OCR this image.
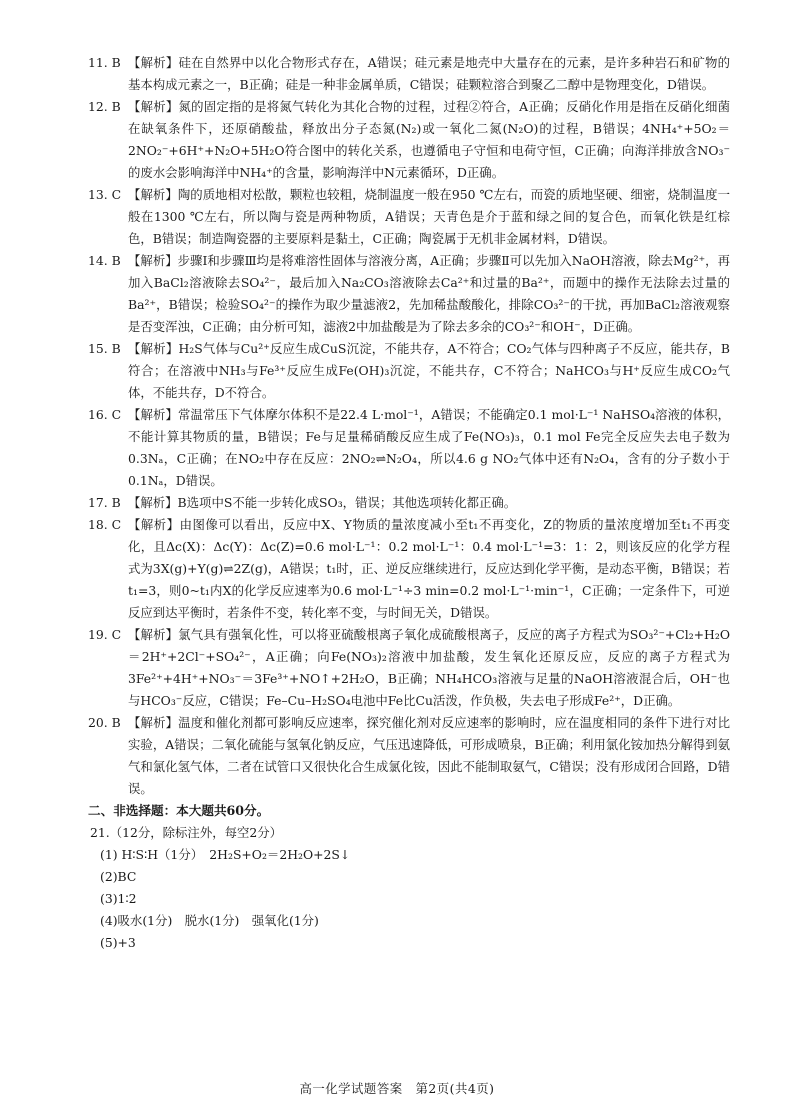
11. B 【解析】硅在自然界中以化合物形式存在，A错误；硅元素是地壳中大量存在的元素，是许多种岩石和矿物的基本构成元素之一，B正确；硅是一种非金属单质，C错误；硅颗粒溶合到聚乙二醇中是物理变化，D错误。

12. B 【解析】氮的固定指的是将氮气转化为其化合物的过程，过程②符合，A正确；反硝化作用是指在反硝化细菌在缺氧条件下，还原硝酸盐，释放出分子态氮(N₂)或一氧化二氮(N₂O)的过程，B错误；4NH₄⁺+5O₂＝2NO₂⁻+6H⁺+N₂O+5H₂O符合图中的转化关系，也遵循电子守恒和电荷守恒，C正确；向海洋排放含NO₃⁻的废水会影响海洋中NH₄⁺的含量，影响海洋中N元素循环，D正确。

13. C 【解析】陶的质地相对松散，颗粒也较粗，烧制温度一般在950 ℃左右，而瓷的质地坚硬、细密，烧制温度一般在1300 ℃左右，所以陶与瓷是两种物质，A错误；天青色是介于蓝和绿之间的复合色，而氧化铁是红棕色，B错误；制造陶瓷器的主要原料是黏土，C正确；陶瓷属于无机非金属材料，D错误。

14. B 【解析】步骤Ⅰ和步骤Ⅲ均是将难溶性固体与溶液分离，A正确；步骤Ⅱ可以先加入NaOH溶液，除去Mg²⁺，再加入BaCl₂溶液除去SO₄²⁻，最后加入Na₂CO₃溶液除去Ca²⁺和过量的Ba²⁺，而题中的操作无法除去过量的Ba²⁺，B错误；检验SO₄²⁻的操作为取少量滤液2，先加稀盐酸酸化，排除CO₃²⁻的干扰，再加BaCl₂溶液观察是否变浑浊，C正确；由分析可知，滤液2中加盐酸是为了除去多余的CO₃²⁻和OH⁻，D正确。

15. B 【解析】H₂S气体与Cu²⁺反应生成CuS沉淀，不能共存，A不符合；CO₂气体与四种离子不反应，能共存，B符合；在溶液中NH₃与Fe³⁺反应生成Fe(OH)₃沉淀，不能共存，C不符合；NaHCO₃与H⁺反应生成CO₂气体，不能共存，D不符合。

16. C 【解析】常温常压下气体摩尔体积不是22.4 L·mol⁻¹，A错误；不能确定0.1 mol·L⁻¹ NaHSO₄溶液的体积，不能计算其物质的量，B错误；Fe与足量稀硝酸反应生成了Fe(NO₃)₃，0.1 mol Fe完全反应失去电子数为0.3Nₐ，C正确；在NO₂中存在反应：2NO₂⇌N₂O₄，所以4.6 g NO₂气体中还有N₂O₄，含有的分子数小于0.1Nₐ，D错误。

17. B 【解析】B选项中S不能一步转化成SO₃，错误；其他选项转化都正确。

18. C 【解析】由图像可以看出，反应中X、Y物质的量浓度减小至t₁不再变化，Z的物质的量浓度增加至t₁不再变化，且Δc(X)：Δc(Y)：Δc(Z)=0.6 mol·L⁻¹：0.2 mol·L⁻¹：0.4 mol·L⁻¹=3：1：2，则该反应的化学方程式为3X(g)+Y(g)⇌2Z(g)，A错误；t₁时，正、逆反应继续进行，反应达到化学平衡，是动态平衡，B错误；若t₁=3，则0~t₁内X的化学反应速率为0.6 mol·L⁻¹÷3 min=0.2 mol·L⁻¹·min⁻¹，C正确；一定条件下，可逆反应到达平衡时，若条件不变，转化率不变，与时间无关，D错误。

19. C 【解析】氯气具有强氧化性，可以将亚硫酸根离子氧化成硫酸根离子，反应的离子方程式为SO₃²⁻+Cl₂+H₂O＝2H⁺+2Cl⁻+SO₄²⁻，A正确；向Fe(NO₃)₂溶液中加盐酸，发生氧化还原反应，反应的离子方程式为3Fe²⁺+4H⁺+NO₃⁻＝3Fe³⁺+NO↑+2H₂O，B正确；NH₄HCO₃溶液与足量的NaOH溶液混合后，OH⁻也与HCO₃⁻反应，C错误；Fe–Cu–H₂SO₄电池中Fe比Cu活泼，作负极，失去电子形成Fe²⁺，D正确。

20. B 【解析】温度和催化剂都可影响反应速率，探究催化剂对反应速率的影响时，应在温度相同的条件下进行对比实验，A错误；二氧化硫能与氢氧化钠反应，气压迅速降低，可形成喷泉，B正确；利用氯化铵加热分解得到氨气和氯化氢气体，二者在试管口又很快化合生成氯化铵，因此不能制取氨气，C错误；没有形成闭合回路，D错误。

二、非选择题：本大题共60分。

21.（12分，除标注外，每空2分）

(1) H∶S∶H（1分）　2H₂S+O₂＝2H₂O+2S↓

(2)BC

(3)1∶2

(4)吸水(1分)　脱水(1分)　强氧化(1分)

(5)+3

高一化学试题答案　第2页(共4页)
